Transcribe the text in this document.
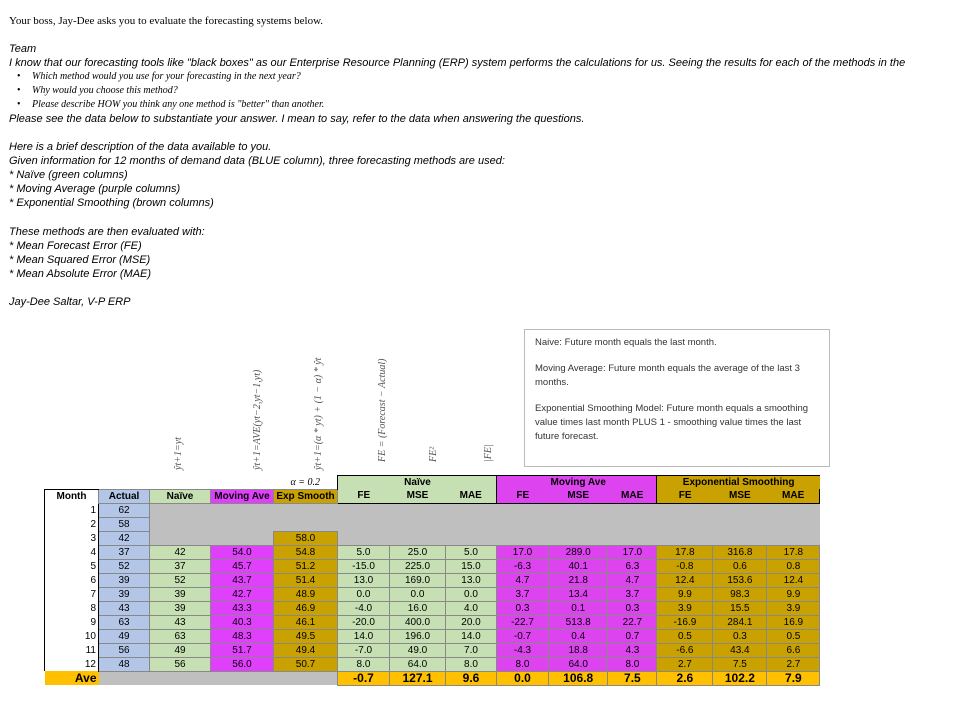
Your boss, Jay-Dee asks you to evaluate the forecasting systems below.
Team
I know that our forecasting tools like "black boxes" as our Enterprise Resource Planning (ERP) system performs the calculations for us. Seeing the results for each of the methods in the
• Which method would you use for your forecasting in the next year?
• Why would you choose this method?
• Please describe HOW you think any one method is "better" than another.
Please see the data below to substantiate your answer. I mean to say, refer to the data when answering the questions.
Here is a brief description of the data available to you.
Given information for 12 months of demand data (BLUE column), three forecasting methods are used:
* Naïve (green columns)
* Moving Average (purple columns)
* Exponential Smoothing (brown columns)
These methods are then evaluated with:
* Mean Forecast Error (FE)
* Mean Squared Error (MSE)
* Mean Absolute Error (MAE)
Jay-Dee Saltar, V-P ERP
ŷt+1=yt	ŷt+1=AVE(yt−2,yt−1,yt)	ŷt+1=(α * yt) + (1 − α) * ŷt	FE = (Forecast − Actual)	FE²	|FE|

Naive: Future month equals the last month.

Moving Average: Future month equals the average of the last 3 months.

Exponential Smoothing Model: Future month equals a smoothing value times last month PLUS 1 - smoothing value times the last future forecast.

				α = 0.2		Naïve			Moving Ave		Exponential Smoothing		
Month	Actual	Naïve	Moving Ave	Exp Smooth	FE	MSE	MAE	FE	MSE	MAE	FE	MSE	MAE
1	62												
2	58												
3	42			58.0									
4	37	42	54.0	54.8	5.0	25.0	5.0	17.0	289.0	17.0	17.8	316.8	17.8
5	52	37	45.7	51.2	-15.0	225.0	15.0	-6.3	40.1	6.3	-0.8	0.6	0.8
6	39	52	43.7	51.4	13.0	169.0	13.0	4.7	21.8	4.7	12.4	153.6	12.4
7	39	39	42.7	48.9	0.0	0.0	0.0	3.7	13.4	3.7	9.9	98.3	9.9
8	43	39	43.3	46.9	-4.0	16.0	4.0	0.3	0.1	0.3	3.9	15.5	3.9
9	63	43	40.3	46.1	-20.0	400.0	20.0	-22.7	513.8	22.7	-16.9	284.1	16.9
10	49	63	48.3	49.5	14.0	196.0	14.0	-0.7	0.4	0.7	0.5	0.3	0.5
11	56	49	51.7	49.4	-7.0	49.0	7.0	-4.3	18.8	4.3	-6.6	43.4	6.6
12	48	56	56.0	50.7	8.0	64.0	8.0	8.0	64.0	8.0	2.7	7.5	2.7
Ave					-0.7	127.1	9.6	0.0	106.8	7.5	2.6	102.2	7.9
